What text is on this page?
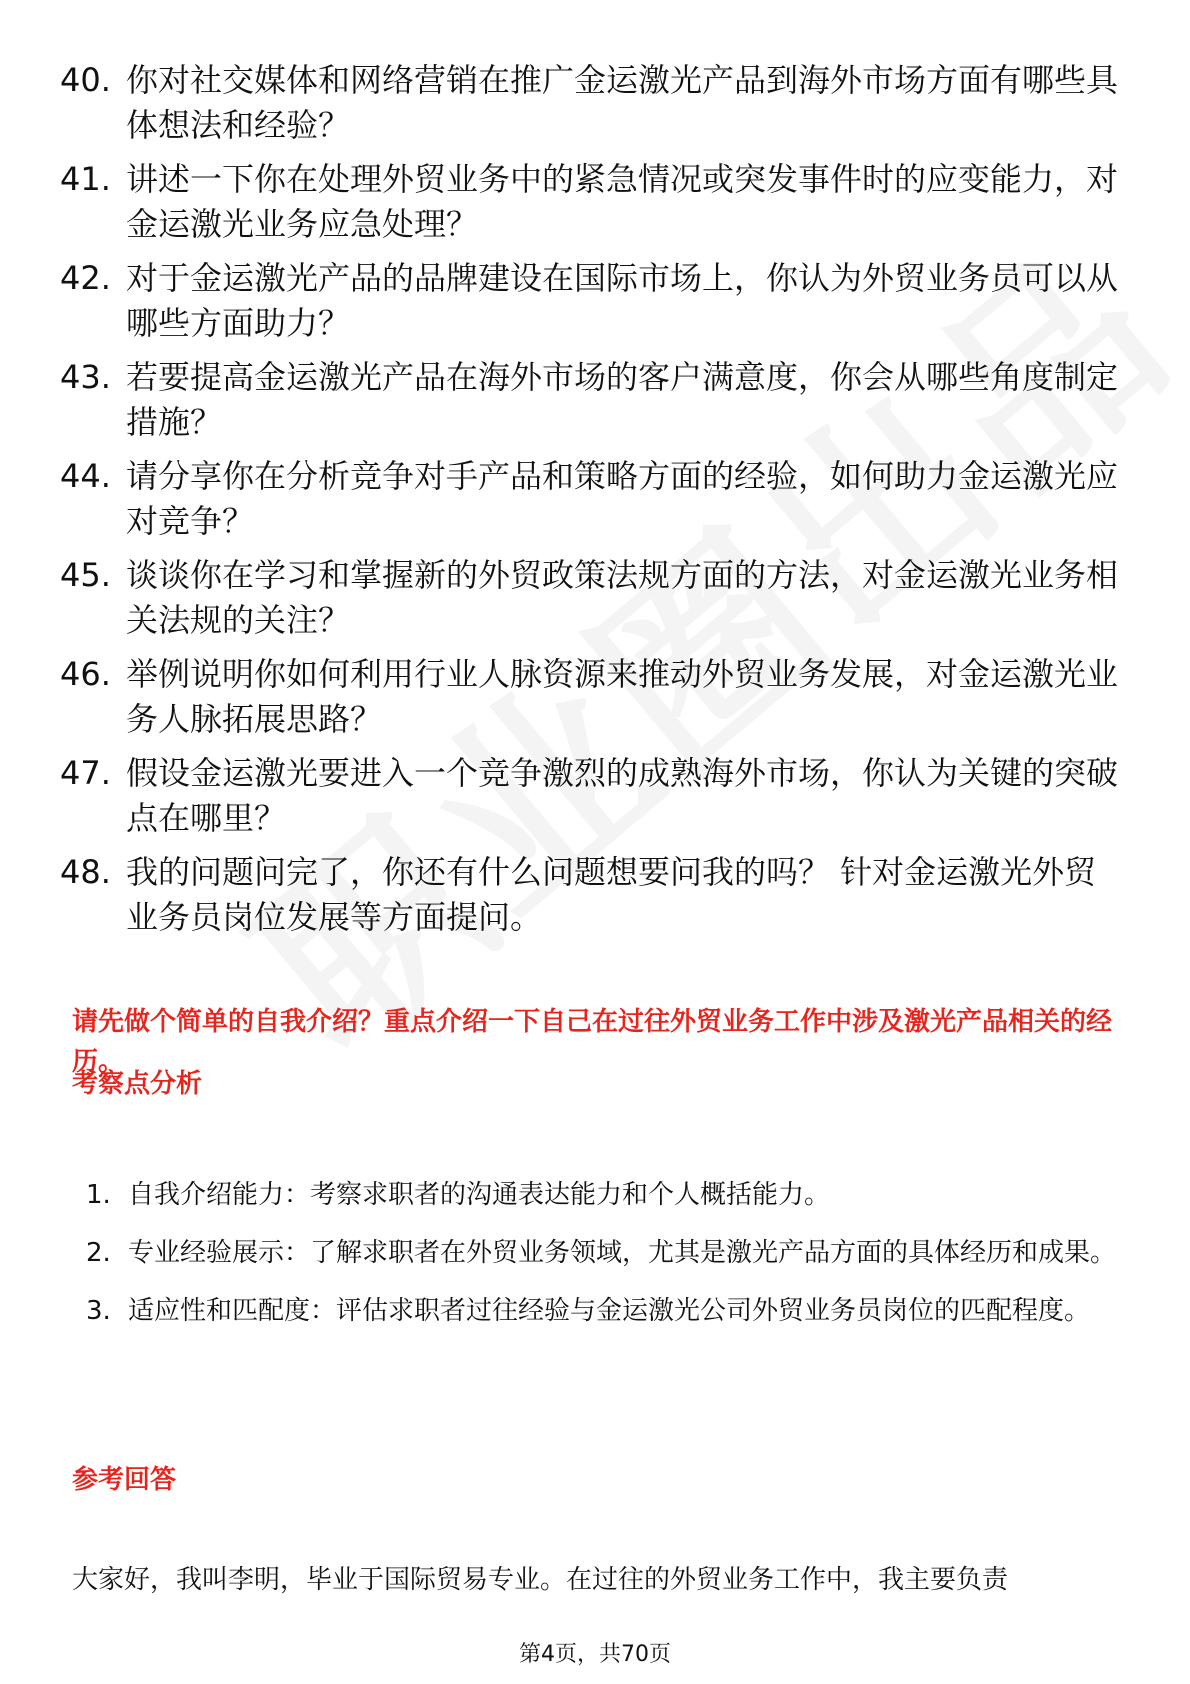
40. 你对社交媒体和网络营销在推广金运激光产品到海外市场方面有哪些具体想法和经验？
41. 讲述一下你在处理外贸业务中的紧急情况或突发事件时的应变能力，对金运激光业务应急处理？
42. 对于金运激光产品的品牌建设在国际市场上，你认为外贸业务员可以从哪些方面助力？
43. 若要提高金运激光产品在海外市场的客户满意度，你会从哪些角度制定措施？
44. 请分享你在分析竞争对手产品和策略方面的经验，如何助力金运激光应对竞争？
45. 谈谈你在学习和掌握新的外贸政策法规方面的方法，对金运激光业务相关法规的关注？
46. 举例说明你如何利用行业人脉资源来推动外贸业务发展，对金运激光业务人脉拓展思路？
47. 假设金运激光要进入一个竞争激烈的成熟海外市场，你认为关键的突破点在哪里？
48. 我的问题问完了，你还有什么问题想要问我的吗？ 针对金运激光外贸业务员岗位发展等方面提问。

请先做个简单的自我介绍？重点介绍一下自己在过往外贸业务工作中涉及激光产品相关的经历。

考察点分析
1. 自我介绍能力：考察求职者的沟通表达能力和个人概括能力。
2. 专业经验展示：了解求职者在外贸业务领域，尤其是激光产品方面的具体经历和成果。
3. 适应性和匹配度：评估求职者过往经验与金运激光公司外贸业务员岗位的匹配程度。
参考回答

大家好，我叫李明，毕业于国际贸易专业。在过往的外贸业务工作中，我主要负责

第4页，共70页
